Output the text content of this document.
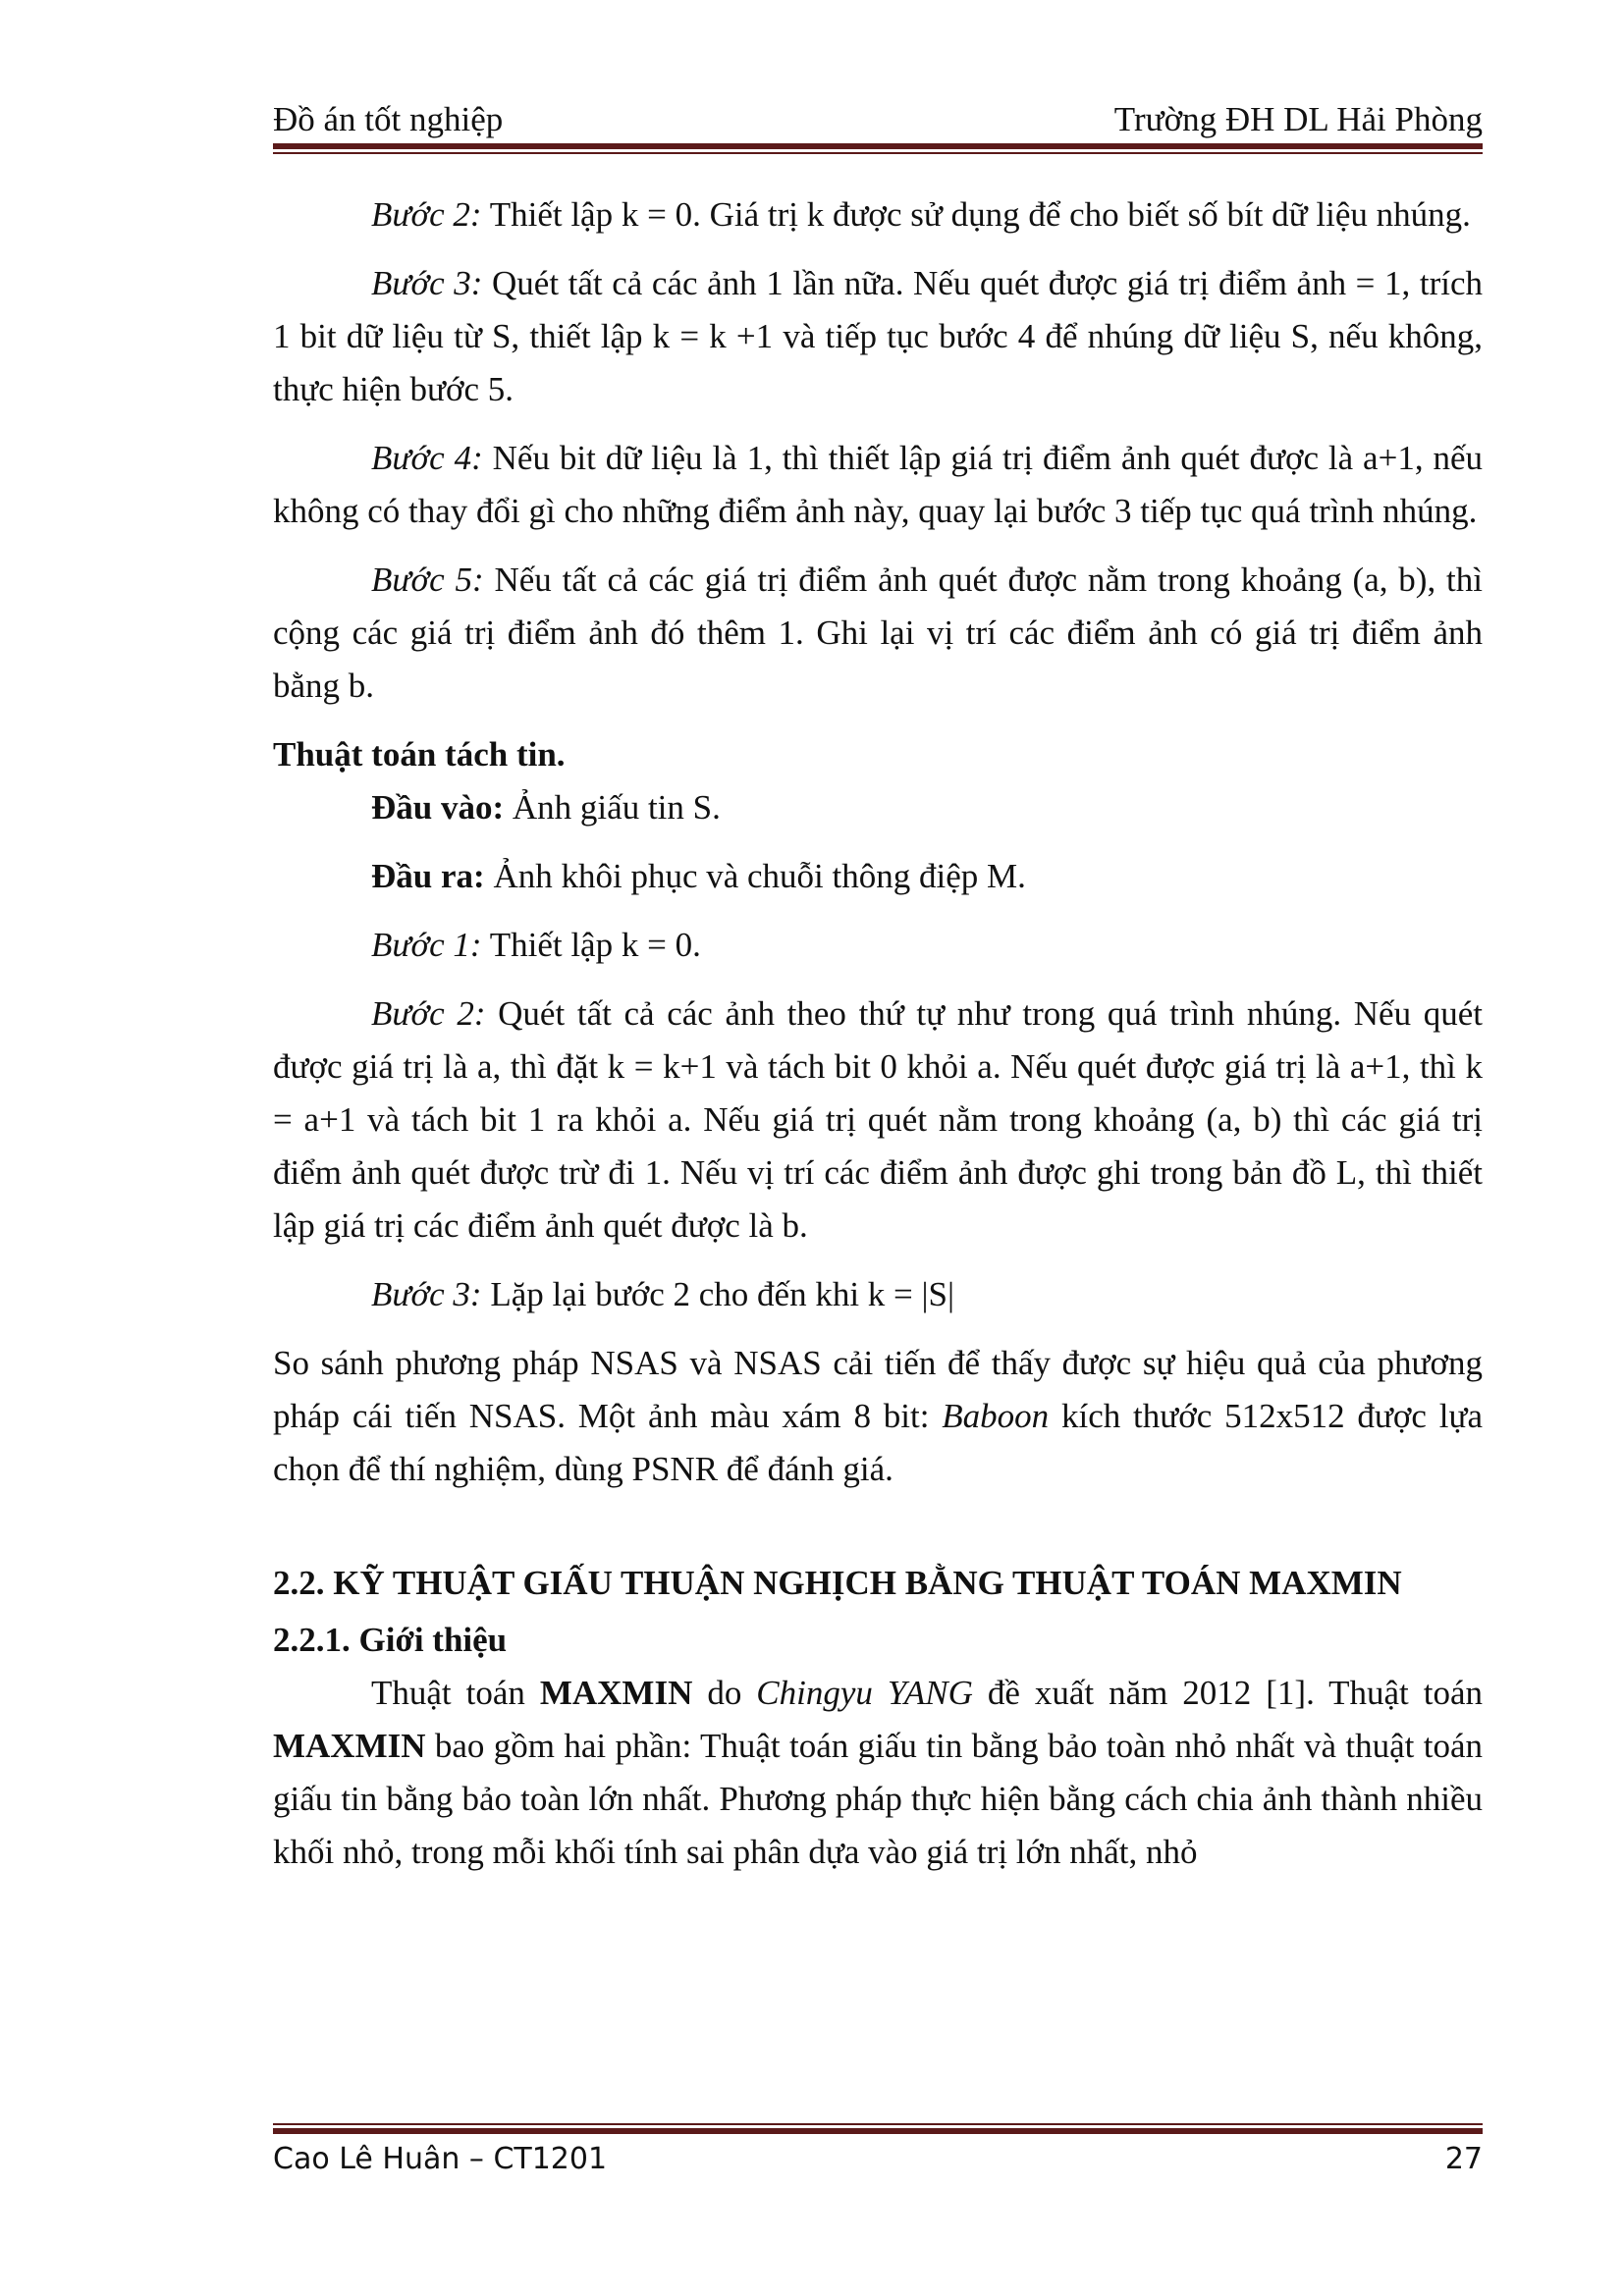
Đồ án tốt nghiệp	Trường ĐH DL Hải Phòng

Bước 2: Thiết lập k = 0. Giá trị k được sử dụng để cho biết số bít dữ liệu nhúng.

Bước 3: Quét tất cả các ảnh 1 lần nữa. Nếu quét được giá trị điểm ảnh = 1, trích 1 bit dữ liệu từ S, thiết lập k = k +1 và tiếp tục bước 4 để nhúng dữ liệu S, nếu không, thực hiện bước 5.

Bước 4: Nếu bit dữ liệu là 1, thì thiết lập giá trị điểm ảnh quét được là a+1, nếu không có thay đổi gì cho những điểm ảnh này, quay lại bước 3 tiếp tục quá trình nhúng.

Bước 5: Nếu tất cả các giá trị điểm ảnh quét được nằm trong khoảng (a, b), thì cộng các giá trị điểm ảnh đó thêm 1. Ghi lại vị trí các điểm ảnh có giá trị điểm ảnh bằng b.

Thuật toán tách tin.

Đầu vào: Ảnh giấu tin S.

Đầu ra: Ảnh khôi phục và chuỗi thông điệp M.

Bước 1: Thiết lập k = 0.

Bước 2: Quét tất cả các ảnh theo thứ tự như trong quá trình nhúng. Nếu quét được giá trị là a, thì đặt k = k+1 và tách bit 0 khỏi a. Nếu quét được giá trị là a+1, thì k = a+1 và tách bit 1 ra khỏi a. Nếu giá trị quét nằm trong khoảng (a, b) thì các giá trị điểm ảnh quét được trừ đi 1. Nếu vị trí các điểm ảnh được ghi trong bản đồ L, thì thiết lập giá trị các điểm ảnh quét được là b.

Bước 3: Lặp lại bước 2 cho đến khi k = |S|

So sánh phương pháp NSAS và NSAS cải tiến để thấy được sự hiệu quả của phương pháp cái tiến NSAS. Một ảnh màu xám 8 bit: Baboon kích thước 512x512 được lựa chọn để thí nghiệm, dùng PSNR để đánh giá.

2.2. KỸ THUẬT GIẤU THUẬN NGHỊCH BẰNG THUẬT TOÁN MAXMIN

2.2.1. Giới thiệu

Thuật toán MAXMIN do Chingyu YANG đề xuất năm 2012 [1]. Thuật toán MAXMIN bao gồm hai phần: Thuật toán giấu tin bằng bảo toàn nhỏ nhất và thuật toán giấu tin bằng bảo toàn lớn nhất. Phương pháp thực hiện bằng cách chia ảnh thành nhiều khối nhỏ, trong mỗi khối tính sai phân dựa vào giá trị lớn nhất, nhỏ

Cao Lê Huân – CT1201	27
